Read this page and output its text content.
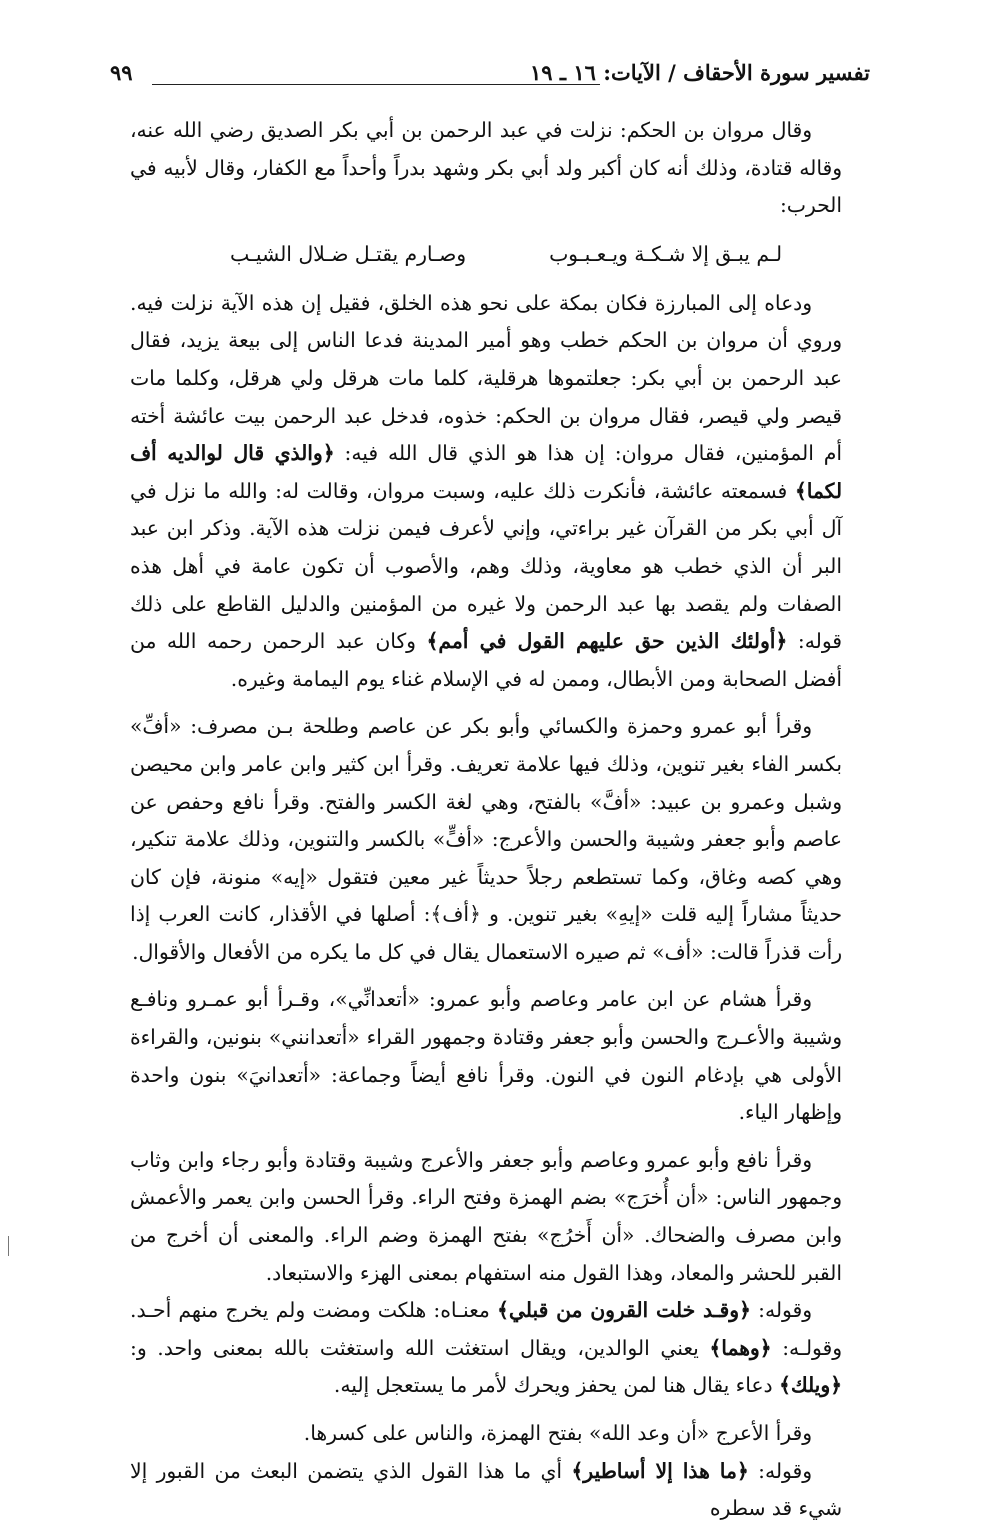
تفسير سورة الأحقاف / الآيات: ١٦ ـ ١٩
٩٩

وقال مروان بن الحكم: نزلت في عبد الرحمن بن أبي بكر الصديق رضي الله عنه، وقاله قتادة، وذلك أنه كان أكبر ولد أبي بكر وشهد بدراً وأحداً مع الكفار، وقال لأبيه في الحرب:

لـم يبـق إلا شـكـة ويـعـبـوب
وصـارم يقتـل ضـلال الشيـب

ودعاه إلى المبارزة فكان بمكة على نحو هذه الخلق، فقيل إن هذه الآية نزلت فيه. وروي أن مروان بن الحكم خطب وهو أمير المدينة فدعا الناس إلى بيعة يزيد، فقال عبد الرحمن بن أبي بكر: جعلتموها هرقلية، كلما مات هرقل ولي هرقل، وكلما مات قيصر ولي قيصر، فقال مروان بن الحكم: خذوه، فدخل عبد الرحمن بيت عائشة أخته أم المؤمنين، فقال مروان: إن هذا هو الذي قال الله فيه: ﴿والذي قال لوالديه أف لكما﴾ فسمعته عائشة، فأنكرت ذلك عليه، وسبت مروان، وقالت له: والله ما نزل في آل أبي بكر من القرآن غير براءتي، وإني لأعرف فيمن نزلت هذه الآية. وذكر ابن عبد البر أن الذي خطب هو معاوية، وذلك وهم، والأصوب أن تكون عامة في أهل هذه الصفات ولم يقصد بها عبد الرحمن ولا غيره من المؤمنين والدليل القاطع على ذلك قوله: ﴿أولئك الذين حق عليهم القول في أمم﴾ وكان عبد الرحمن رحمه الله من أفضل الصحابة ومن الأبطال، وممن له في الإسلام غناء يوم اليمامة وغيره.

وقرأ أبو عمرو وحمزة والكسائي وأبو بكر عن عاصم وطلحة بـن مصرف: «أفِّ» بكسر الفاء بغير تنوين، وذلك فيها علامة تعريف. وقرأ ابن كثير وابن عامر وابن محيصن وشبل وعمرو بن عبيد: «أفَّ» بالفتح، وهي لغة الكسر والفتح. وقرأ نافع وحفص عن عاصم وأبو جعفر وشيبة والحسن والأعرج: «أفٍّ» بالكسر والتنوين، وذلك علامة تنكير، وهي كصه وغاق، وكما تستطعم رجلاً حديثاً غير معين فتقول «إيه» منونة، فإن كان حديثاً مشاراً إليه قلت «إيهِ» بغير تنوين. و ﴿أف﴾: أصلها في الأقذار، كانت العرب إذا رأت قذراً قالت: «أف» ثم صيره الاستعمال يقال في كل ما يكره من الأفعال والأقوال.

وقرأ هشام عن ابن عامر وعاصم وأبو عمرو: «أتعدانِّي»، وقـرأ أبو عمـرو ونافـع وشيبة والأعـرج والحسن وأبو جعفر وقتادة وجمهور القراء «أتعدانني» بنونين، والقراءة الأولى هي بإدغام النون في النون. وقرأ نافع أيضاً وجماعة: «أتعدانيَ» بنون واحدة وإظهار الياء.

وقرأ نافع وأبو عمرو وعاصم وأبو جعفر والأعرج وشيبة وقتادة وأبو رجاء وابن وثاب وجمهور الناس: «أن أُخرَج» بضم الهمزة وفتح الراء. وقرأ الحسن وابن يعمر والأعمش وابن مصرف والضحاك. «أن أَخرُج» بفتح الهمزة وضم الراء. والمعنى أن أخرج من القبر للحشر والمعاد، وهذا القول منه استفهام بمعنى الهزء والاستبعاد.

وقوله: ﴿وقـد خلت القرون من قبلي﴾ معنـاه: هلكت ومضت ولم يخرج منهم أحـد. وقولـه: ﴿وهما﴾ يعني الوالدين، ويقال استغثت الله واستغثت بالله بمعنى واحد. و: ﴿ويلك﴾ دعاء يقال هنا لمن يحفز ويحرك لأمر ما يستعجل إليه.

وقرأ الأعرج «أن وعد الله» بفتح الهمزة، والناس على كسرها.

وقوله: ﴿ما هذا إلا أساطير﴾ أي ما هذا القول الذي يتضمن البعث من القبور إلا شيء قد سطره
